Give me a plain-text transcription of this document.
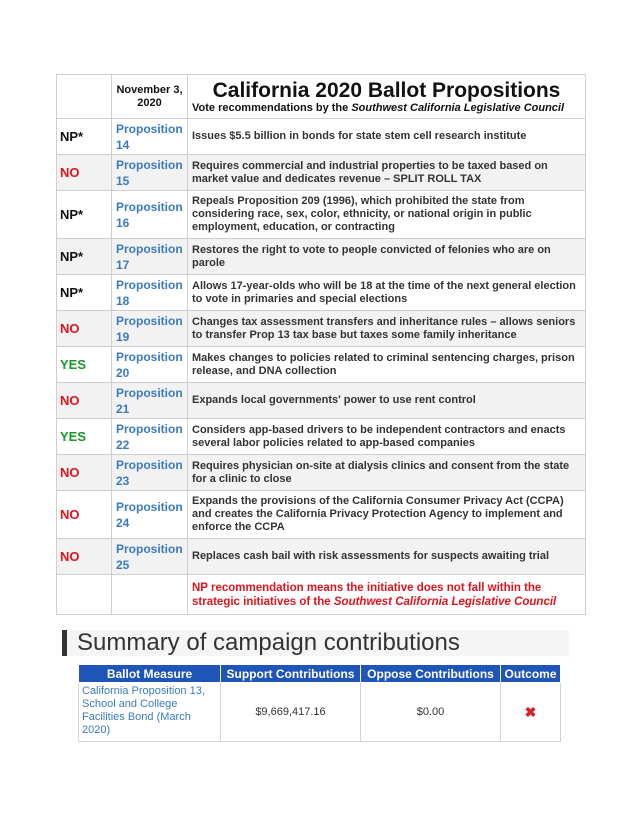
	November 3, 2020	California 2020 Ballot Propositions
Vote recommendations by the Southwest California Legislative Council

NP*	Proposition 14	Issues $5.5 billion in bonds for state stem cell research institute
NO	Proposition 15	Requires commercial and industrial properties to be taxed based on market value and dedicates revenue – SPLIT ROLL TAX
NP*	Proposition 16	Repeals Proposition 209 (1996), which prohibited the state from considering race, sex, color, ethnicity, or national origin in public employment, education, or contracting
NP*	Proposition 17	Restores the right to vote to people convicted of felonies who are on parole
NP*	Proposition 18	Allows 17-year-olds who will be 18 at the time of the next general election to vote in primaries and special elections
NO	Proposition 19	Changes tax assessment transfers and inheritance rules – allows seniors to transfer Prop 13 tax base but taxes some family inheritance
YES	Proposition 20	Makes changes to policies related to criminal sentencing charges, prison release, and DNA collection
NO	Proposition 21	Expands local governments' power to use rent control
YES	Proposition 22	Considers app-based drivers to be independent contractors and enacts several labor policies related to app-based companies
NO	Proposition 23	Requires physician on-site at dialysis clinics and consent from the state for a clinic to close
NO	Proposition 24	Expands the provisions of the California Consumer Privacy Act (CCPA) and creates the California Privacy Protection Agency to implement and enforce the CCPA
NO	Proposition 25	Replaces cash bail with risk assessments for suspects awaiting trial
		NP recommendation means the initiative does not fall within the strategic initiatives of the Southwest California Legislative Council
Summary of campaign contributions
Ballot Measure	Support Contributions	Oppose Contributions	Outcome
California Proposition 13, School and College Facilities Bond (March 2020)	$9,669,417.16	$0.00	✖
